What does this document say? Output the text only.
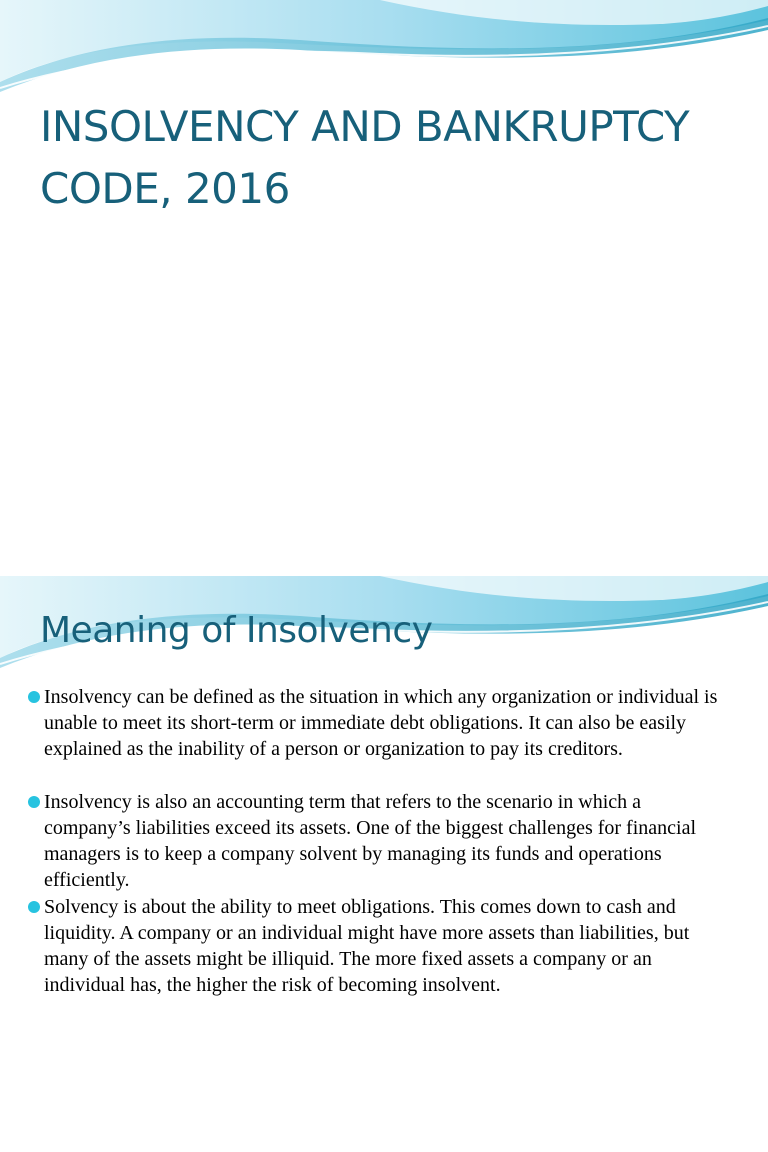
INSOLVENCY AND BANKRUPTCY CODE, 2016
Meaning of Insolvency
Insolvency can be defined as the situation in which any organization or individual is unable to meet its short-term or immediate debt obligations. It can also be easily explained as the inability of a person or organization to pay its creditors.
Insolvency is also an accounting term that refers to the scenario in which a company’s liabilities exceed its assets. One of the biggest challenges for financial managers is to keep a company solvent by managing its funds and operations efficiently.
Solvency is about the ability to meet obligations. This comes down to cash and liquidity. A company or an individual might have more assets than liabilities, but many of the assets might be illiquid. The more fixed assets a company or an individual has, the higher the risk of becoming insolvent.
